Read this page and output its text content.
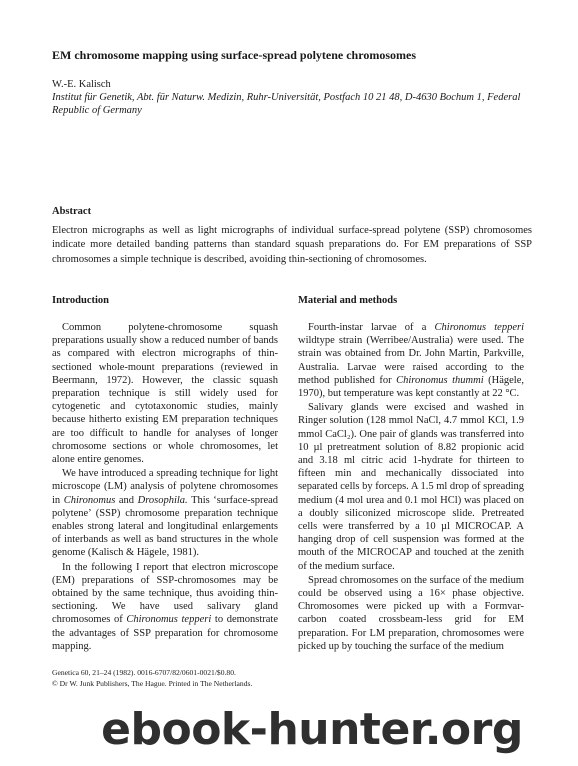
EM chromosome mapping using surface-spread polytene chromosomes

W.-E. Kalisch

Institut für Genetik, Abt. für Naturw. Medizin, Ruhr-Universität, Postfach 10 21 48, D-4630 Bochum 1, Federal Republic of Germany

Abstract

Electron micrographs as well as light micrographs of individual surface-spread polytene (SSP) chromosomes indicate more detailed banding patterns than standard squash preparations do. For EM preparations of SSP chromosomes a simple technique is described, avoiding thin-sectioning of chromosomes.

Introduction

Common polytene-chromosome squash preparations usually show a reduced number of bands as compared with electron micrographs of thin-sectioned whole-mount preparations (reviewed in Beermann, 1972). However, the classic squash preparation technique is still widely used for cytogenetic and cytotaxonomic studies, mainly because hitherto existing EM preparation techniques are too difficult to handle for analyses of longer chromosome sections or whole chromosomes, let alone entire genomes.

We have introduced a spreading technique for light microscope (LM) analysis of polytene chromosomes in Chironomus and Drosophila. This ‘surface-spread polytene’ (SSP) chromosome preparation technique enables strong lateral and longitudinal enlargements of interbands as well as band structures in the whole genome (Kalisch & Hägele, 1981).

In the following I report that electron microscope (EM) preparations of SSP-chromosomes may be obtained by the same technique, thus avoiding thin-sectioning. We have used salivary gland chromosomes of Chironomus tepperi to demonstrate the advantages of SSP preparation for chromosome mapping.

Material and methods

Fourth-instar larvae of a Chironomus tepperi wildtype strain (Werribee/Australia) were used. The strain was obtained from Dr. John Martin, Parkville, Australia. Larvae were raised according to the method published for Chironomus thummi (Hägele, 1970), but temperature was kept constantly at 22 °C.

Salivary glands were excised and washed in Ringer solution (128 mmol NaCl, 4.7 mmol KCl, 1.9 mmol CaCl₂). One pair of glands was transferred into 10 µl pretreatment solution of 8.82 propionic acid and 3.18 ml citric acid 1-hydrate for thirteen to fifteen min and mechanically dissociated into separated cells by forceps. A 1.5 ml drop of spreading medium (4 mol urea and 0.1 mol HCl) was placed on a doubly siliconized microscope slide. Pretreated cells were transferred by a 10 µl MICROCAP. A hanging drop of cell suspension was formed at the mouth of the MICROCAP and touched at the zenith of the medium surface.

Spread chromosomes on the surface of the medium could be observed using a 16× phase objective. Chromosomes were picked up with a Formvar-carbon coated crossbeam-less grid for EM preparation. For LM preparation, chromosomes were picked up by touching the surface of the medium

Genetica 60, 21–24 (1982). 0016-6707/82/0601-0021/$0.80.
© Dr W. Junk Publishers, The Hague. Printed in The Netherlands.
ebook-hunter.org
